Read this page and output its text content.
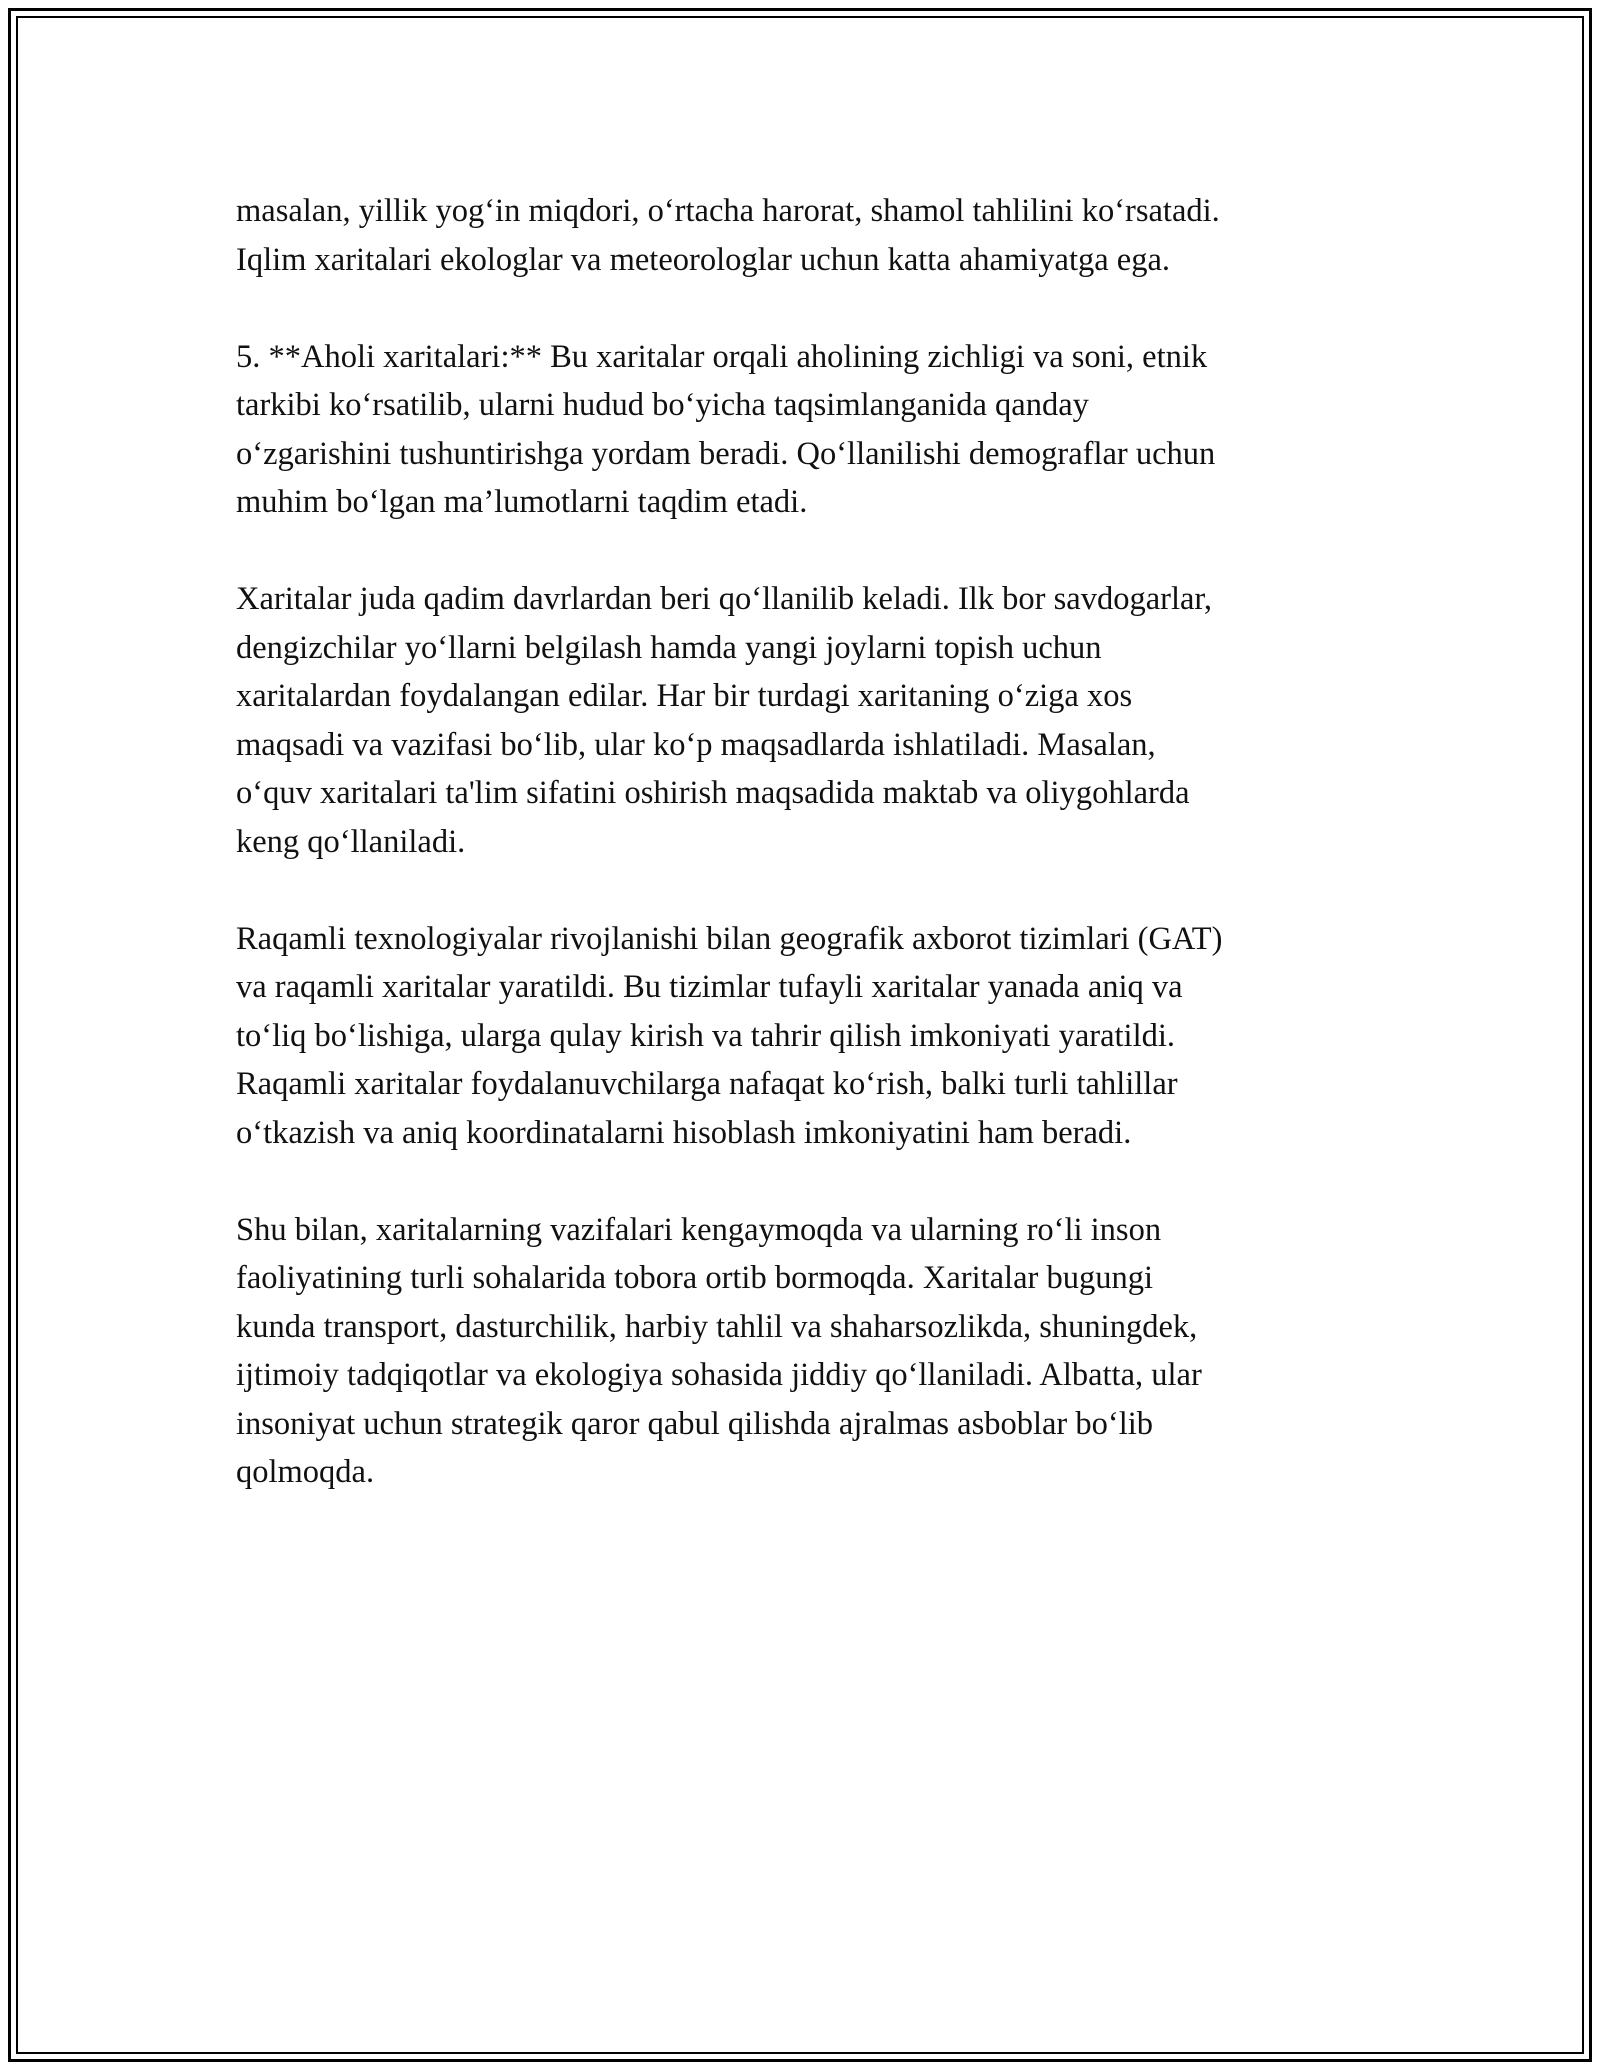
masalan, yillik yog‘in miqdori, o‘rtacha harorat, shamol tahlilini ko‘rsatadi.
Iqlim xaritalari ekologlar va meteorologlar uchun katta ahamiyatga ega.

5. **Aholi xaritalari:** Bu xaritalar orqali aholining zichligi va soni, etnik
tarkibi ko‘rsatilib, ularni hudud bo‘yicha taqsimlanganida qanday
o‘zgarishini tushuntirishga yordam beradi. Qo‘llanilishi demograflar uchun
muhim bo‘lgan ma’lumotlarni taqdim etadi.

Xaritalar juda qadim davrlardan beri qo‘llanilib keladi. Ilk bor savdogarlar,
dengizchilar yo‘llarni belgilash hamda yangi joylarni topish uchun
xaritalardan foydalangan edilar. Har bir turdagi xaritaning o‘ziga xos
maqsadi va vazifasi bo‘lib, ular ko‘p maqsadlarda ishlatiladi. Masalan,
o‘quv xaritalari ta'lim sifatini oshirish maqsadida maktab va oliygohlarda
keng qo‘llaniladi.

Raqamli texnologiyalar rivojlanishi bilan geografik axborot tizimlari (GAT)
va raqamli xaritalar yaratildi. Bu tizimlar tufayli xaritalar yanada aniq va
to‘liq bo‘lishiga, ularga qulay kirish va tahrir qilish imkoniyati yaratildi.
Raqamli xaritalar foydalanuvchilarga nafaqat ko‘rish, balki turli tahlillar
o‘tkazish va aniq koordinatalarni hisoblash imkoniyatini ham beradi.

Shu bilan, xaritalarning vazifalari kengaymoqda va ularning ro‘li inson
faoliyatining turli sohalarida tobora ortib bormoqda. Xaritalar bugungi
kunda transport, dasturchilik, harbiy tahlil va shaharsozlikda, shuningdek,
ijtimoiy tadqiqotlar va ekologiya sohasida jiddiy qo‘llaniladi. Albatta, ular
insoniyat uchun strategik qaror qabul qilishda ajralmas asboblar bo‘lib
qolmoqda.
